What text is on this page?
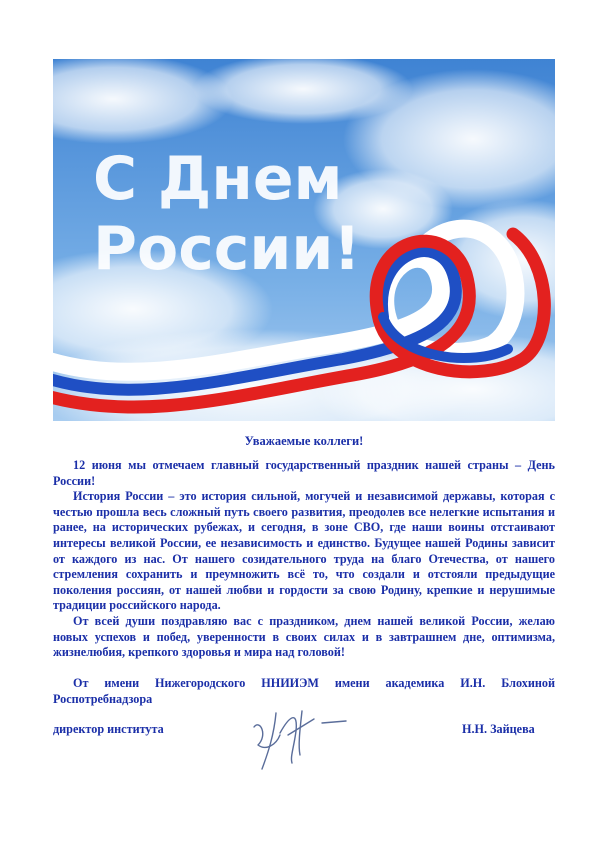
С Днем
России!
Уважаемые коллеги!

12 июня мы отмечаем главный государственный праздник нашей страны – День России!

История России – это история сильной, могучей и независимой державы, которая с честью прошла весь сложный путь своего развития, преодолев все нелегкие испытания и ранее, на исторических рубежах, и сегодня, в зоне СВО, где наши воины отстаивают интересы великой России, ее независимость и единство. Будущее нашей Родины зависит от каждого из нас. От нашего созидательного труда на благо Отечества, от нашего стремления сохранить и преумножить всё то, что создали и отстояли предыдущие поколения россиян, от нашей любви и гордости за свою Родину, крепкие и нерушимые традиции российского народа.

От всей души поздравляю вас с праздником, днем нашей великой России, желаю новых успехов и побед, уверенности в своих силах и в завтрашнем дне, оптимизма, жизнелюбия, крепкого здоровья и мира над головой!

От имени Нижегородского ННИИЭМ имени академика И.Н. Блохиной Роспотребнадзора
директор института	Н.Н. Зайцева
